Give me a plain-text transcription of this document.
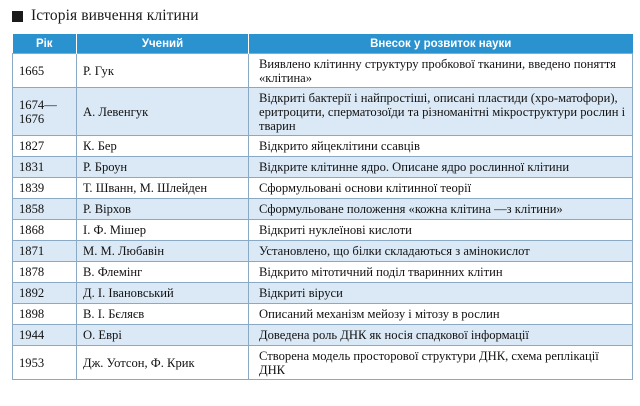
Історія вивчення клітини
Рік	Учений	Внесок у розвиток науки
1665	Р. Гук	Виявлено клітинну структуру пробкової тканини, введено поняття «клітина»
1674—1676	А. Левенгук	Відкриті бактерії і найпростіші, описані пластиди (хро-матофори), еритроцити, сперматозоїди та різноманітні мікроструктури рослин і тварин
1827	К. Бер	Відкрито яйцеклітини ссавців
1831	Р. Броун	Відкрите клітинне ядро. Описане ядро рослинної клітини
1839	Т. Шванн, М. Шлейден	Сформульовані основи клітинної теорії
1858	Р. Вірхов	Сформульоване положення «кожна клітина —з клітини»
1868	І. Ф. Мішер	Відкриті нуклеїнові кислоти
1871	М. М. Любавін	Установлено, що білки складаються з амінокислот
1878	В. Флемінг	Відкрито мітотичний поділ тваринних клітин
1892	Д. І. Івановський	Відкриті віруси
1898	В. І. Бєляєв	Описаний механізм мейозу і мітозу в рослин
1944	О. Еврі	Доведена роль ДНК як носія спадкової інформації
1953	Дж. Уотсон, Ф. Крик	Створена модель просторової структури ДНК, схема реплікації ДНК
